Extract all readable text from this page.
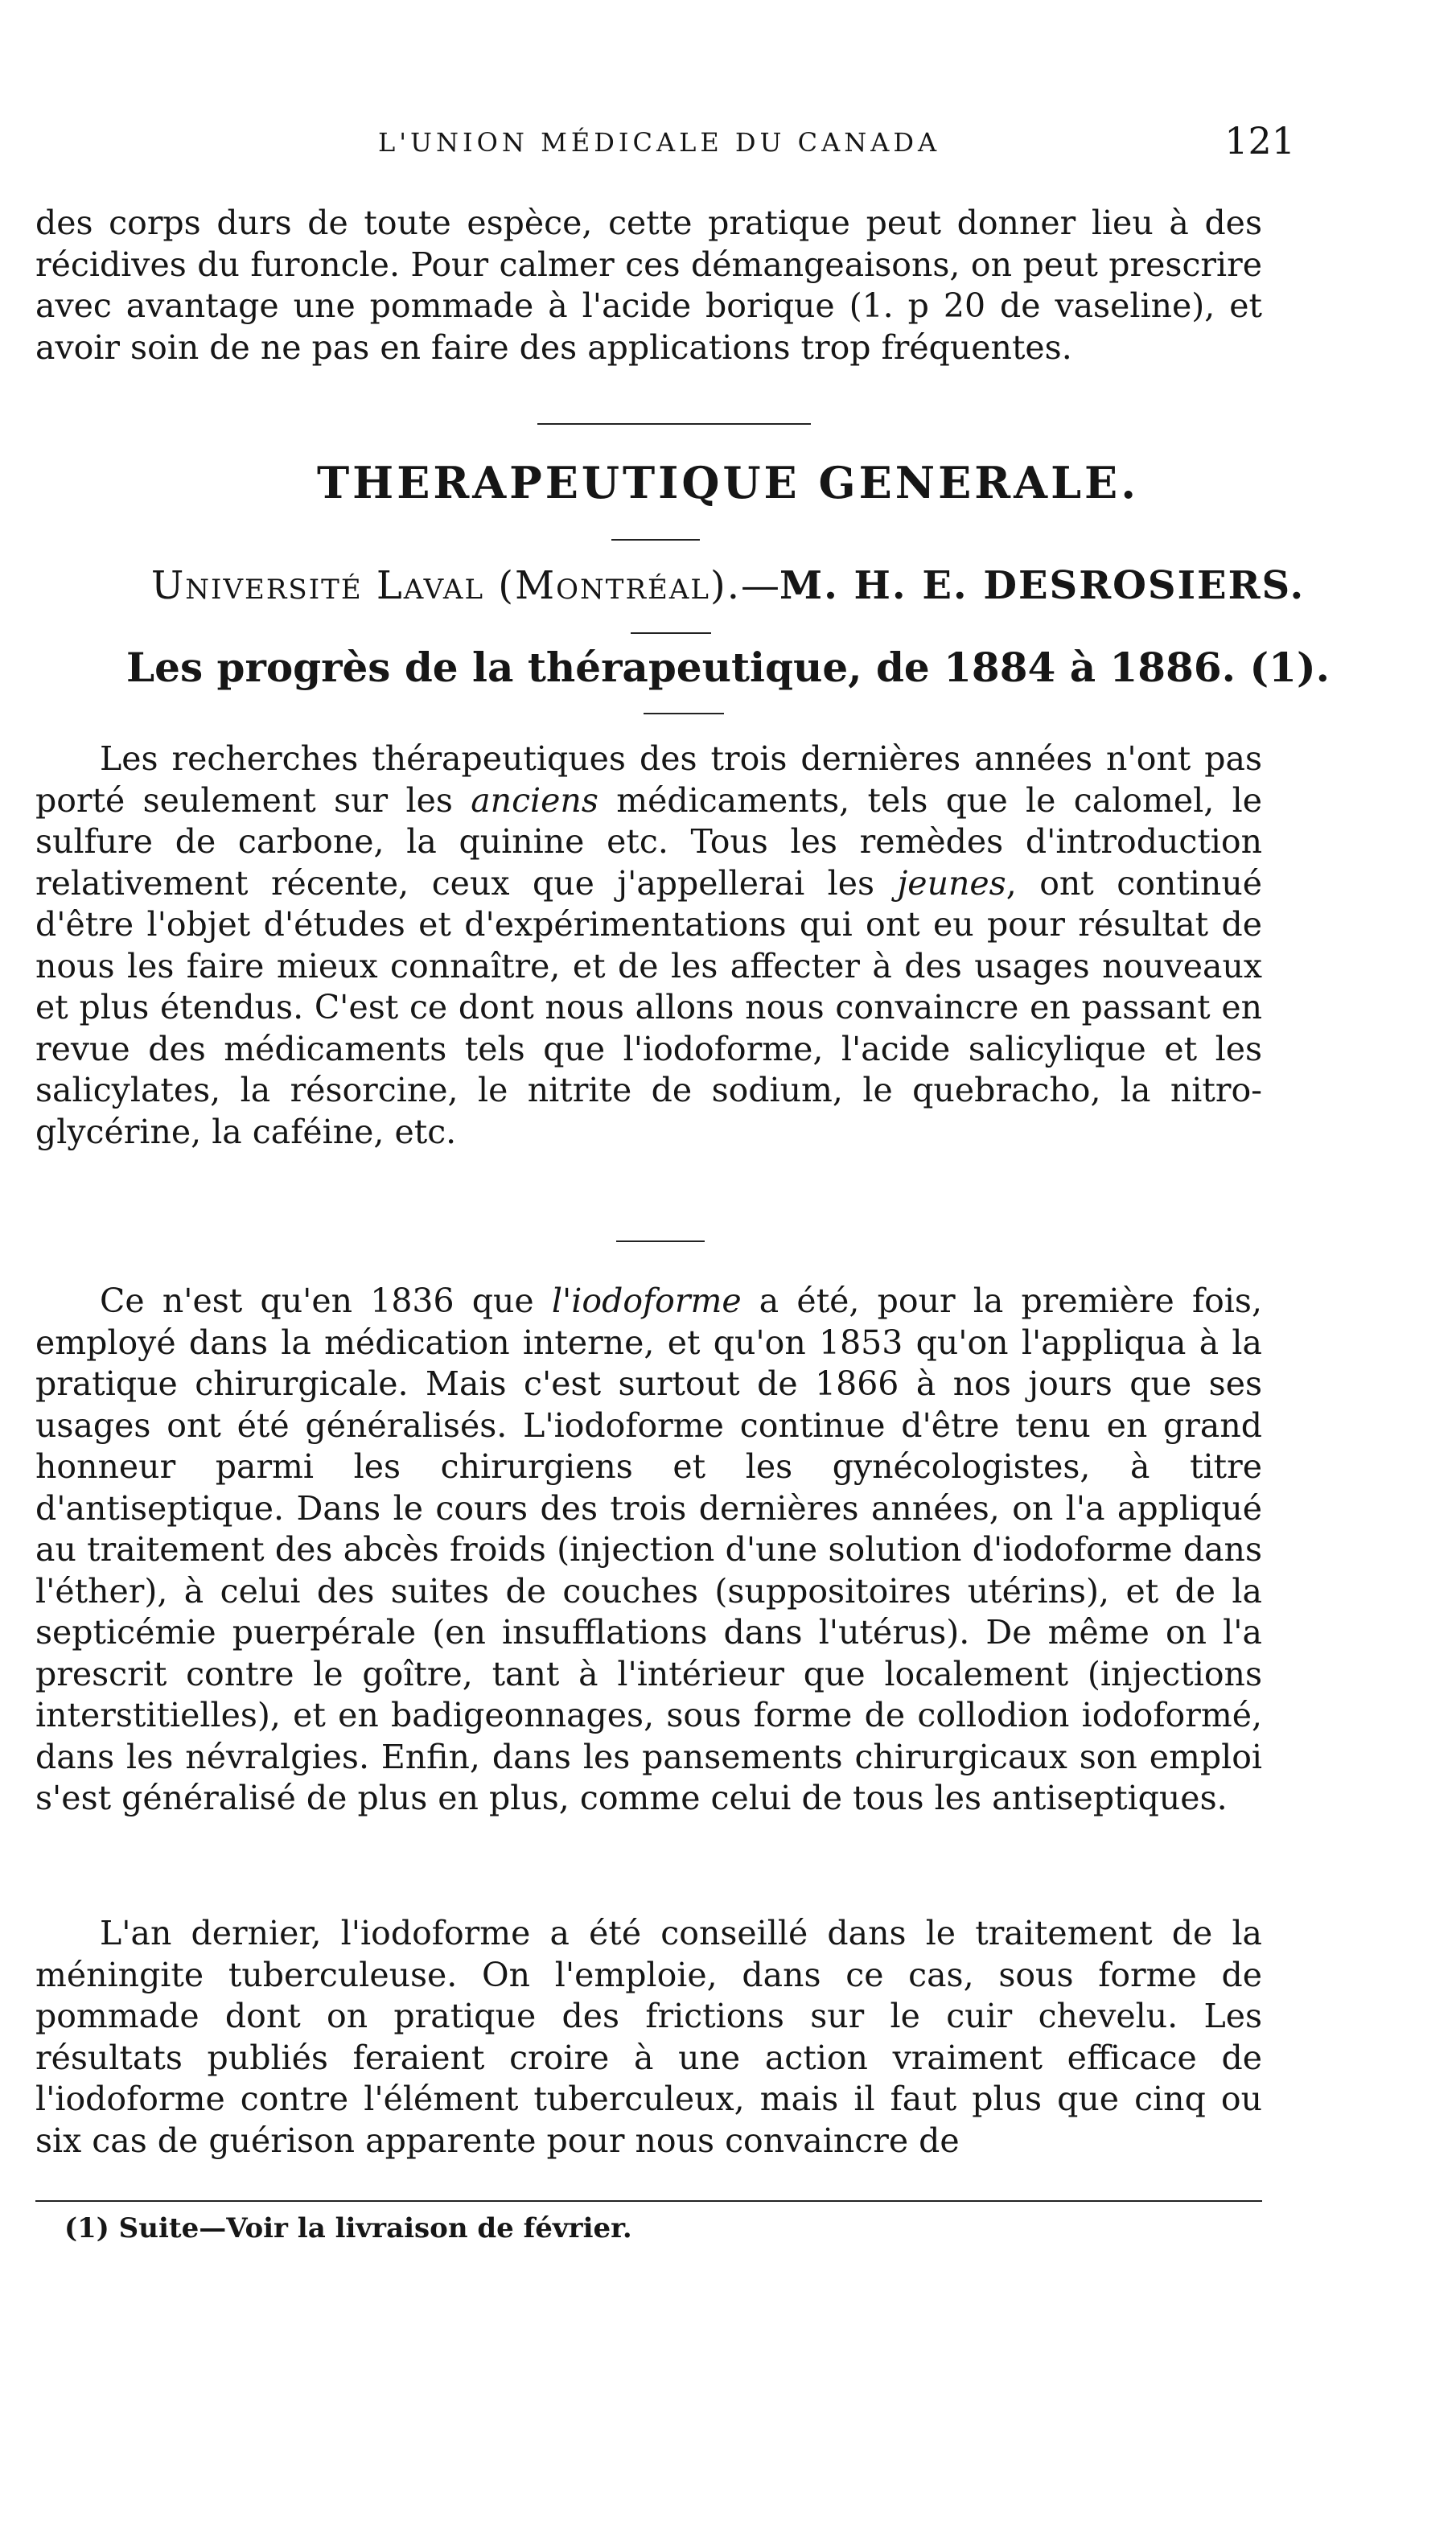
L'UNION MÉDICALE DU CANADA	121

des corps durs de toute espèce, cette pratique peut donner lieu à des récidives du furoncle. Pour calmer ces démangeaisons, on peut prescrire avec avantage une pommade à l'acide borique (1. p 20 de vaseline), et avoir soin de ne pas en faire des applications trop fréquentes.

THERAPEUTIQUE GENERALE.

Université Laval (Montréal).—M. H. E. DESROSIERS.

Les progrès de la thérapeutique, de 1884 à 1886. (1).

Les recherches thérapeutiques des trois dernières années n'ont pas porté seulement sur les anciens médicaments, tels que le calomel, le sulfure de carbone, la quinine etc. Tous les remèdes d'introduction relativement récente, ceux que j'appellerai les jeunes, ont continué d'être l'objet d'études et d'expérimentations qui ont eu pour résultat de nous les faire mieux connaître, et de les affecter à des usages nouveaux et plus étendus. C'est ce dont nous allons nous convaincre en passant en revue des médicaments tels que l'iodoforme, l'acide salicylique et les salicylates, la résorcine, le nitrite de sodium, le quebracho, la nitro-glycérine, la caféine, etc.

Ce n'est qu'en 1836 que l'iodoforme a été, pour la première fois, employé dans la médication interne, et qu'on 1853 qu'on l'appliqua à la pratique chirurgicale. Mais c'est surtout de 1866 à nos jours que ses usages ont été généralisés. L'iodoforme continue d'être tenu en grand honneur parmi les chirurgiens et les gynécologistes, à titre d'antiseptique. Dans le cours des trois dernières années, on l'a appliqué au traitement des abcès froids (injection d'une solution d'iodoforme dans l'éther), à celui des suites de couches (suppositoires utérins), et de la septicémie puerpérale (en insufflations dans l'utérus). De même on l'a prescrit contre le goître, tant à l'intérieur que localement (injections interstitielles), et en badigeonnages, sous forme de collodion iodoformé, dans les névralgies. Enfin, dans les pansements chirurgicaux son emploi s'est généralisé de plus en plus, comme celui de tous les antiseptiques.

L'an dernier, l'iodoforme a été conseillé dans le traitement de la méningite tuberculeuse. On l'emploie, dans ce cas, sous forme de pommade dont on pratique des frictions sur le cuir chevelu. Les résultats publiés feraient croire à une action vraiment efficace de l'iodoforme contre l'élément tuberculeux, mais il faut plus que cinq ou six cas de guérison apparente pour nous convaincre de

(1) Suite—Voir la livraison de février.
